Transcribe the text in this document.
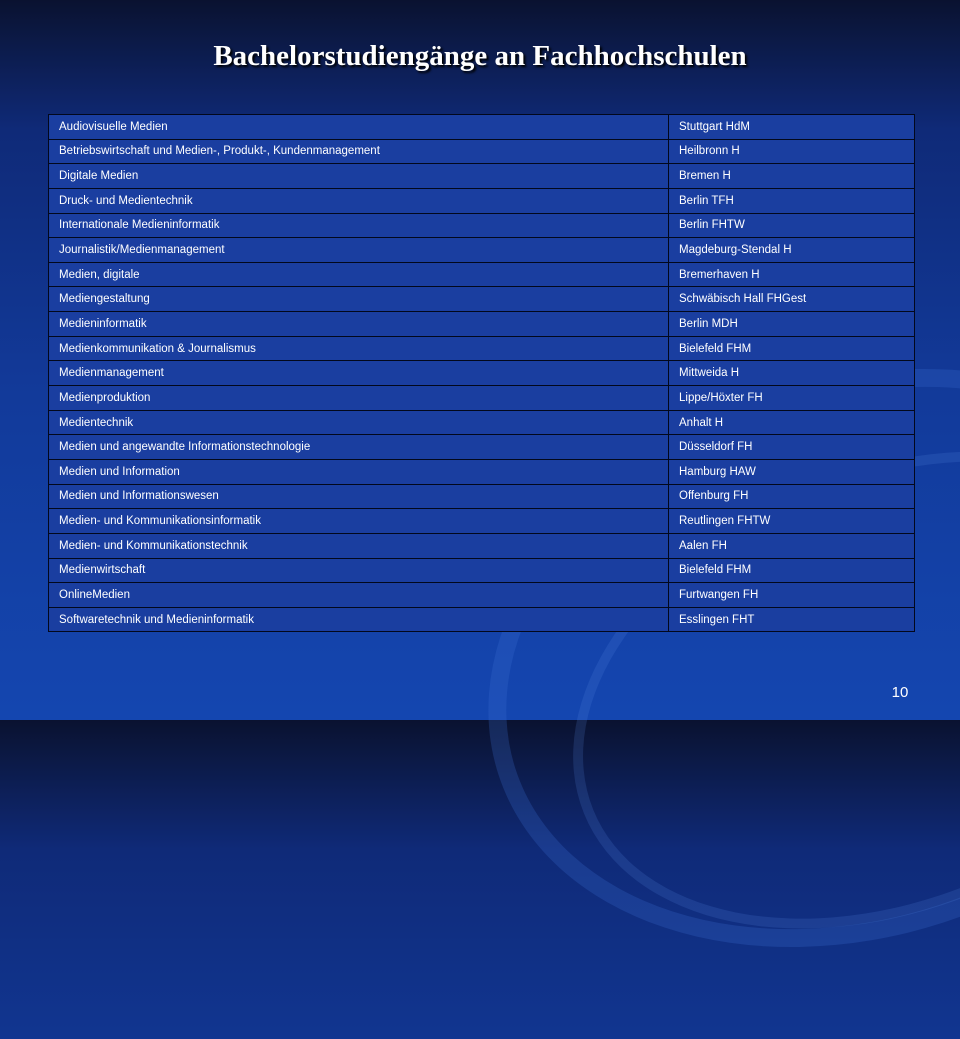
Bachelorstudiengänge an Fachhochschulen
Audiovisuelle Medien	Stuttgart HdM
Betriebswirtschaft und Medien-, Produkt-, Kundenmanagement	Heilbronn H
Digitale Medien	Bremen H
Druck- und Medientechnik	Berlin TFH
Internationale Medieninformatik	Berlin FHTW
Journalistik/Medienmanagement	Magdeburg-Stendal H
Medien, digitale	Bremerhaven H
Mediengestaltung	Schwäbisch Hall FHGest
Medieninformatik	Berlin MDH
Medienkommunikation & Journalismus	Bielefeld FHM
Medienmanagement	Mittweida H
Medienproduktion	Lippe/Höxter FH
Medientechnik	Anhalt H
Medien und angewandte Informationstechnologie	Düsseldorf FH
Medien und Information	Hamburg HAW
Medien und Informationswesen	Offenburg FH
Medien- und Kommunikationsinformatik	Reutlingen FHTW
Medien- und Kommunikationstechnik	Aalen FH
Medienwirtschaft	Bielefeld FHM
OnlineMedien	Furtwangen FH
Softwaretechnik und Medieninformatik	Esslingen FHT
10
